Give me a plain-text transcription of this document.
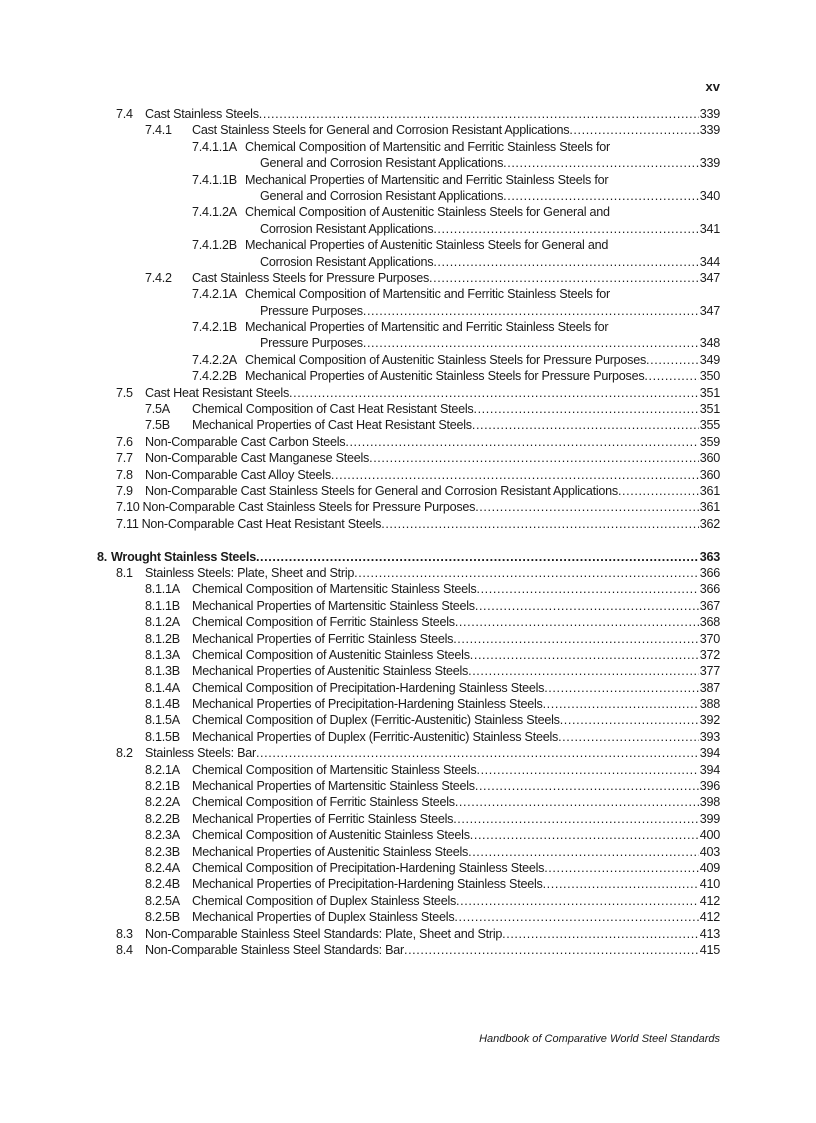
xv
7.4 Cast Stainless Steels .....	339
7.4.1 Cast Stainless Steels for General and Corrosion Resistant Applications .....	339
7.4.1.1A Chemical Composition of Martensitic and Ferritic Stainless Steels for
General and Corrosion Resistant Applications .....	339
7.4.1.1B Mechanical Properties of Martensitic and Ferritic Stainless Steels for
General and Corrosion Resistant Applications .....	340
7.4.1.2A Chemical Composition of Austenitic Stainless Steels for General and
Corrosion Resistant Applications .....	341
7.4.1.2B Mechanical Properties of Austenitic Stainless Steels for General and
Corrosion Resistant Applications .....	344
7.4.2 Cast Stainless Steels for Pressure Purposes .....	347
7.4.2.1A Chemical Composition of Martensitic and Ferritic Stainless Steels for
Pressure Purposes .....	347
7.4.2.1B Mechanical Properties of Martensitic and Ferritic Stainless Steels for
Pressure Purposes .....	348
7.4.2.2A Chemical Composition of Austenitic Stainless Steels for Pressure Purposes .....	349
7.4.2.2B Mechanical Properties of Austenitic Stainless Steels for Pressure Purposes .....	350
7.5 Cast Heat Resistant Steels .....	351
7.5A Chemical Composition of Cast Heat Resistant Steels .....	351
7.5B Mechanical Properties of Cast Heat Resistant Steels .....	355
7.6 Non-Comparable Cast Carbon Steels .....	359
7.7 Non-Comparable Cast Manganese Steels .....	360
7.8 Non-Comparable Cast Alloy Steels .....	360
7.9 Non-Comparable Cast Stainless Steels for General and Corrosion Resistant Applications .....	361
7.10 Non-Comparable Cast Stainless Steels for Pressure Purposes .....	361
7.11 Non-Comparable Cast Heat Resistant Steels .....	362
8. Wrought Stainless Steels .....	363
8.1 Stainless Steels: Plate, Sheet and Strip .....	366
8.1.1A Chemical Composition of Martensitic Stainless Steels .....	366
8.1.1B Mechanical Properties of Martensitic Stainless Steels .....	367
8.1.2A Chemical Composition of Ferritic Stainless Steels .....	368
8.1.2B Mechanical Properties of Ferritic Stainless Steels .....	370
8.1.3A Chemical Composition of Austenitic Stainless Steels .....	372
8.1.3B Mechanical Properties of Austenitic Stainless Steels .....	377
8.1.4A Chemical Composition of Precipitation-Hardening Stainless Steels .....	387
8.1.4B Mechanical Properties of Precipitation-Hardening Stainless Steels .....	388
8.1.5A Chemical Composition of Duplex (Ferritic-Austenitic) Stainless Steels .....	392
8.1.5B Mechanical Properties of Duplex (Ferritic-Austenitic) Stainless Steels .....	393
8.2 Stainless Steels: Bar .....	394
8.2.1A Chemical Composition of Martensitic Stainless Steels .....	394
8.2.1B Mechanical Properties of Martensitic Stainless Steels .....	396
8.2.2A Chemical Composition of Ferritic Stainless Steels .....	398
8.2.2B Mechanical Properties of Ferritic Stainless Steels .....	399
8.2.3A Chemical Composition of Austenitic Stainless Steels .....	400
8.2.3B Mechanical Properties of Austenitic Stainless Steels .....	403
8.2.4A Chemical Composition of Precipitation-Hardening Stainless Steels .....	409
8.2.4B Mechanical Properties of Precipitation-Hardening Stainless Steels .....	410
8.2.5A Chemical Composition of Duplex Stainless Steels .....	412
8.2.5B Mechanical Properties of Duplex Stainless Steels .....	412
8.3 Non-Comparable Stainless Steel Standards: Plate, Sheet and Strip .....	413
8.4 Non-Comparable Stainless Steel Standards: Bar .....	415
Handbook of Comparative World Steel Standards
